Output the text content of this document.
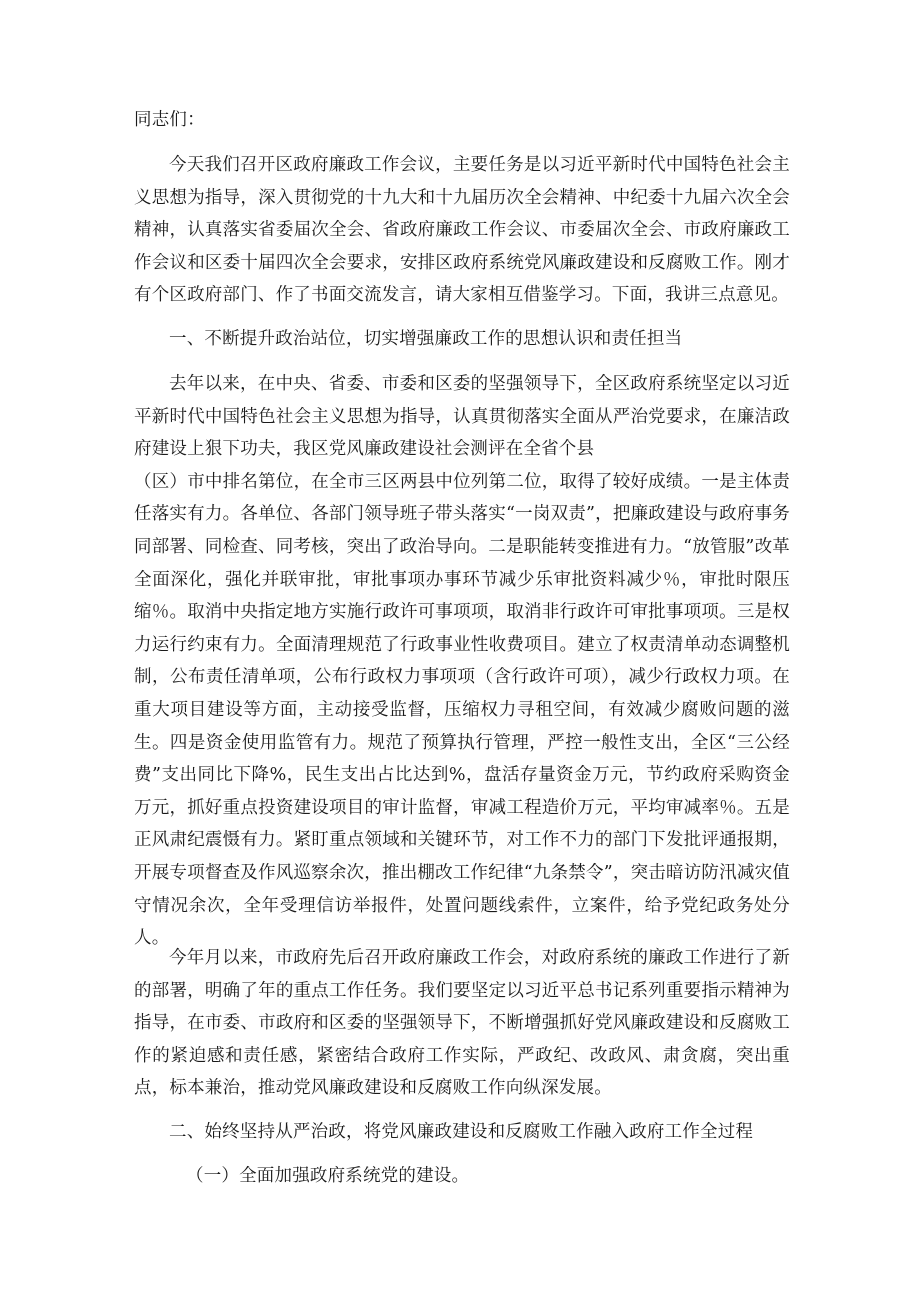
同志们：
今天我们召开区政府廉政工作会议，主要任务是以习近平新时代中国特色社会主义思想为指导，深入贯彻党的十九大和十九届历次全会精神、中纪委十九届六次全会精神，认真落实省委届次全会、省政府廉政工作会议、市委届次全会、市政府廉政工作会议和区委十届四次全会要求，安排区政府系统党风廉政建设和反腐败工作。刚才有个区政府部门、作了书面交流发言，请大家相互借鉴学习。下面，我讲三点意见。
一、不断提升政治站位，切实增强廉政工作的思想认识和责任担当
去年以来，在中央、省委、市委和区委的坚强领导下，全区政府系统坚定以习近平新时代中国特色社会主义思想为指导，认真贯彻落实全面从严治党要求，在廉洁政府建设上狠下功夫，我区党风廉政建设社会测评在全省个县
（区）市中排名第位，在全市三区两县中位列第二位，取得了较好成绩。一是主体责任落实有力。各单位、各部门领导班子带头落实“一岗双责”，把廉政建设与政府事务同部署、同检查、同考核，突出了政治导向。二是职能转变推进有力。“放管服”改革全面深化，强化并联审批，审批事项办事环节减少乐审批资料减少％，审批时限压缩％。取消中央指定地方实施行政许可事项项，取消非行政许可审批事项项。三是权力运行约束有力。全面清理规范了行政事业性收费项目。建立了权责清单动态调整机制，公布责任清单项，公布行政权力事项项（含行政许可项），减少行政权力项。在重大项目建设等方面，主动接受监督，压缩权力寻租空间，有效减少腐败问题的滋生。四是资金使用监管有力。规范了预算执行管理，严控一般性支出，全区“三公经费”支出同比下降%，民生支出占比达到%，盘活存量资金万元，节约政府采购资金万元，抓好重点投资建设项目的审计监督，审减工程造价万元，平均审减率％。五是正风肃纪震慑有力。紧盯重点领域和关键环节，对工作不力的部门下发批评通报期，开展专项督查及作风巡察余次，推出棚改工作纪律“九条禁令”，突击暗访防汛减灾值守情况余次，全年受理信访举报件，处置问题线索件，立案件，给予党纪政务处分人。
今年月以来，市政府先后召开政府廉政工作会，对政府系统的廉政工作进行了新的部署，明确了年的重点工作任务。我们要坚定以习近平总书记系列重要指示精神为指导，在市委、市政府和区委的坚强领导下，不断增强抓好党风廉政建设和反腐败工作的紧迫感和责任感，紧密结合政府工作实际，严政纪、改政风、肃贪腐，突出重点，标本兼治，推动党风廉政建设和反腐败工作向纵深发展。
二、始终坚持从严治政，将党风廉政建设和反腐败工作融入政府工作全过程
（一）全面加强政府系统党的建设。
